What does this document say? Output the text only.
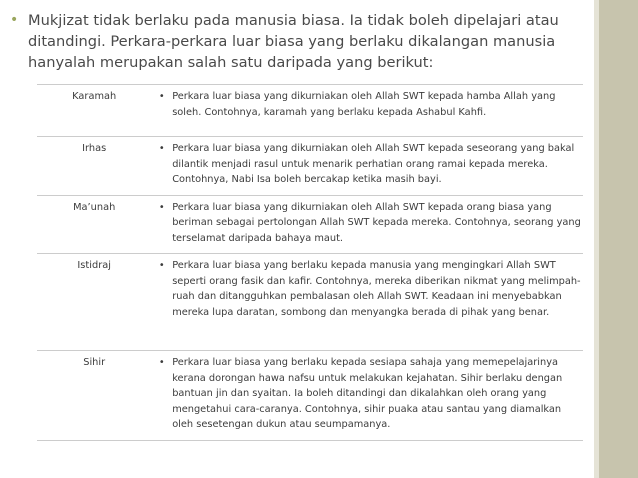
• Mukjizat tidak berlaku pada manusia biasa. Ia tidak boleh dipelajari atau ditandingi. Perkara-perkara luar biasa yang berlaku dikalangan manusia hanyalah merupakan salah satu daripada yang berikut:
Karamah	•	Perkara luar biasa yang dikurniakan oleh Allah SWT kepada hamba Allah yang soleh. Contohnya, karamah yang berlaku kepada Ashabul Kahfi.
Irhas	•	Perkara luar biasa yang dikurniakan oleh Allah SWT kepada seseorang yang bakal dilantik menjadi rasul untuk menarik perhatian orang ramai kepada mereka. Contohnya, Nabi Isa boleh bercakap ketika masih bayi.
Ma’unah	•	Perkara luar biasa yang dikurniakan oleh Allah SWT kepada orang biasa yang beriman sebagai pertolongan Allah SWT kepada mereka. Contohnya, seorang yang terselamat daripada bahaya maut.
Istidraj	•	Perkara luar biasa yang berlaku kepada manusia yang mengingkari Allah SWT seperti orang fasik dan kafir. Contohnya, mereka diberikan nikmat yang melimpah-ruah dan ditangguhkan pembalasan oleh Allah SWT. Keadaan ini menyebabkan mereka lupa daratan, sombong dan menyangka berada di pihak yang benar.
Sihir	•	Perkara luar biasa yang berlaku kepada sesiapa sahaja yang memepelajarinya kerana dorongan hawa nafsu untuk melakukan kejahatan. Sihir berlaku dengan bantuan jin dan syaitan. Ia boleh ditandingi dan dikalahkan oleh orang yang mengetahui cara-caranya. Contohnya, sihir puaka atau santau yang diamalkan oleh sesetengan dukun atau seumpamanya.
